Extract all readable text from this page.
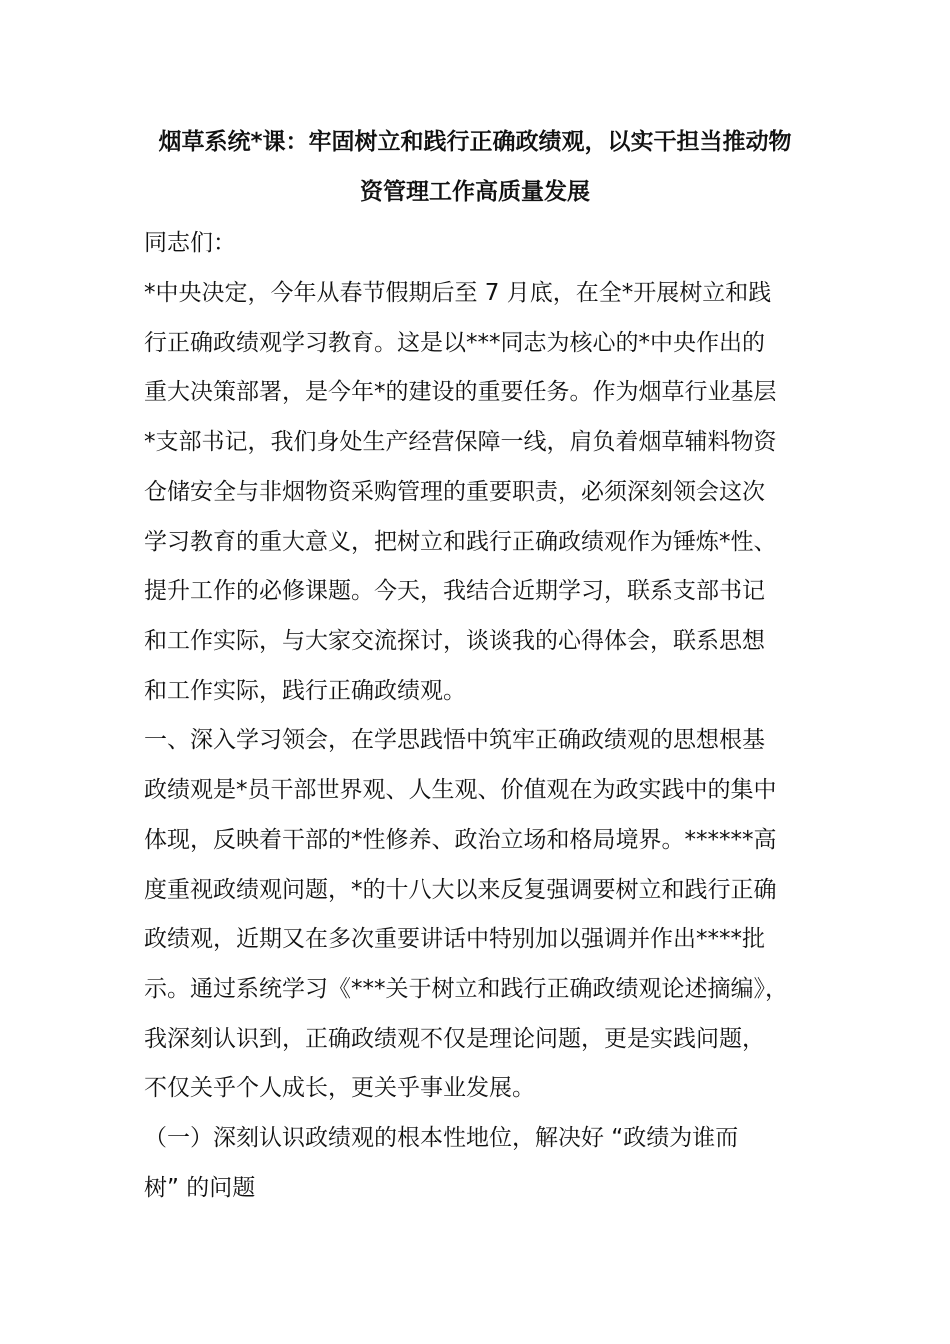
烟草系统*课：牢固树立和践行正确政绩观，以实干担当推动物
资管理工作高质量发展
同志们：
*中央决定，今年从春节假期后至 7 月底，在全*开展树立和践
行正确政绩观学习教育。这是以***同志为核心的*中央作出的
重大决策部署，是今年*的建设的重要任务。作为烟草行业基层
*支部书记，我们身处生产经营保障一线，肩负着烟草辅料物资
仓储安全与非烟物资采购管理的重要职责，必须深刻领会这次
学习教育的重大意义，把树立和践行正确政绩观作为锤炼*性、
提升工作的必修课题。今天，我结合近期学习，联系支部书记
和工作实际，与大家交流探讨，谈谈我的心得体会，联系思想
和工作实际，践行正确政绩观。
一、深入学习领会，在学思践悟中筑牢正确政绩观的思想根基
政绩观是*员干部世界观、人生观、价值观在为政实践中的集中
体现，反映着干部的*性修养、政治立场和格局境界。******高
度重视政绩观问题，*的十八大以来反复强调要树立和践行正确
政绩观，近期又在多次重要讲话中特别加以强调并作出****批
示。通过系统学习《***关于树立和践行正确政绩观论述摘编》，
我深刻认识到，正确政绩观不仅是理论问题，更是实践问题，
不仅关乎个人成长，更关乎事业发展。
（一）深刻认识政绩观的根本性地位，解决好 “政绩为谁而
树” 的问题
